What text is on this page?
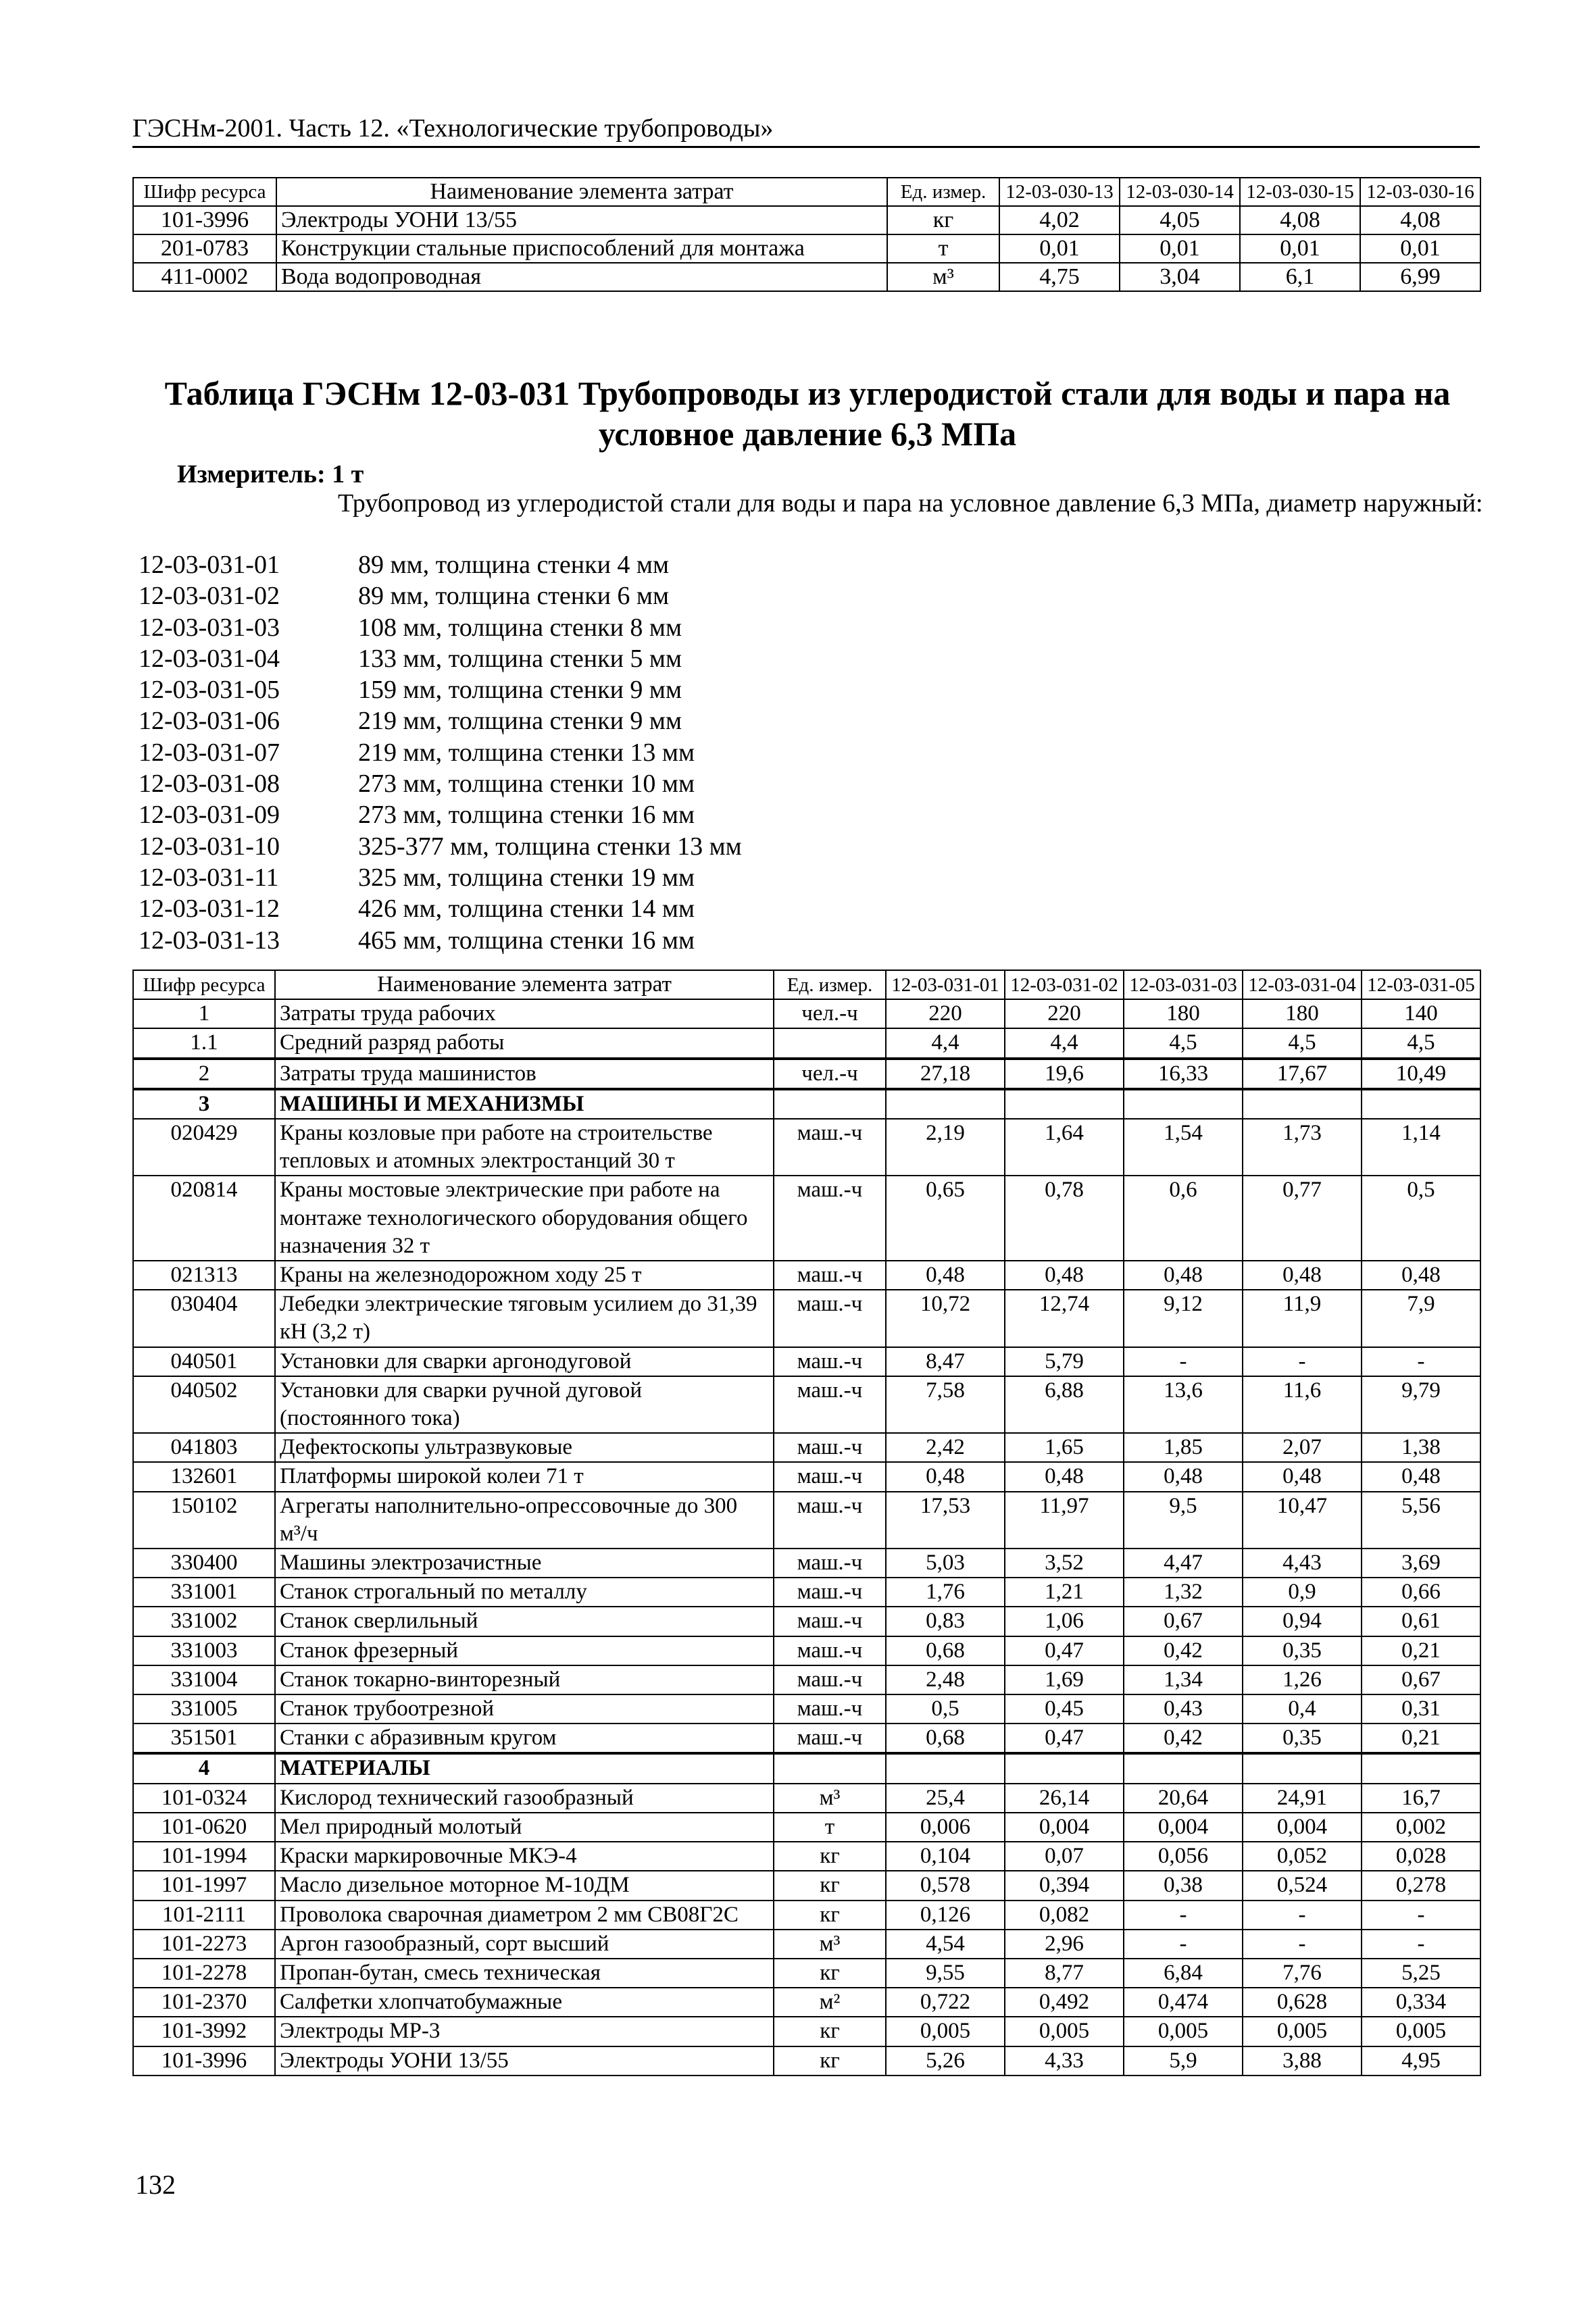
ГЭСНм-2001. Часть 12. «Технологические трубопроводы»
Шифр ресурса	Наименование элемента затрат	Ед. измер.	12-03-030-13	12-03-030-14	12-03-030-15	12-03-030-16
101-3996	Электроды УОНИ 13/55	кг	4,02	4,05	4,08	4,08
201-0783	Конструкции стальные приспособлений для монтажа	т	0,01	0,01	0,01	0,01
411-0002	Вода водопроводная	м³	4,75	3,04	6,1	6,99
Таблица ГЭСНм 12-03-031 Трубопроводы из углеродистой стали для воды и пара на условное давление 6,3 МПа
Измеритель: 1 т
Трубопровод из углеродистой стали для воды и пара на условное давление 6,3 МПа, диаметр наружный:
12-03-031-01	89 мм, толщина стенки 4 мм
12-03-031-02	89 мм, толщина стенки 6 мм
12-03-031-03	108 мм, толщина стенки 8 мм
12-03-031-04	133 мм, толщина стенки 5 мм
12-03-031-05	159 мм, толщина стенки 9 мм
12-03-031-06	219 мм, толщина стенки 9 мм
12-03-031-07	219 мм, толщина стенки 13 мм
12-03-031-08	273 мм, толщина стенки 10 мм
12-03-031-09	273 мм, толщина стенки 16 мм
12-03-031-10	325-377 мм, толщина стенки 13 мм
12-03-031-11	325 мм, толщина стенки 19 мм
12-03-031-12	426 мм, толщина стенки 14 мм
12-03-031-13	465 мм, толщина стенки 16 мм
Шифр ресурса	Наименование элемента затрат	Ед. измер.	12-03-031-01	12-03-031-02	12-03-031-03	12-03-031-04	12-03-031-05
1	Затраты труда рабочих	чел.-ч	220	220	180	180	140
1.1	Средний разряд работы		4,4	4,4	4,5	4,5	4,5
2	Затраты труда машинистов	чел.-ч	27,18	19,6	16,33	17,67	10,49
3	МАШИНЫ И МЕХАНИЗМЫ						
020429	Краны козловые при работе на строительстве тепловых и атомных электростанций 30 т	маш.-ч	2,19	1,64	1,54	1,73	1,14
020814	Краны мостовые электрические при работе на монтаже технологического оборудования общего назначения 32 т	маш.-ч	0,65	0,78	0,6	0,77	0,5
021313	Краны на железнодорожном ходу 25 т	маш.-ч	0,48	0,48	0,48	0,48	0,48
030404	Лебедки электрические тяговым усилием до 31,39 кН (3,2 т)	маш.-ч	10,72	12,74	9,12	11,9	7,9
040501	Установки для сварки аргонодуговой	маш.-ч	8,47	5,79	-	-	-
040502	Установки для сварки ручной дуговой (постоянного тока)	маш.-ч	7,58	6,88	13,6	11,6	9,79
041803	Дефектоскопы ультразвуковые	маш.-ч	2,42	1,65	1,85	2,07	1,38
132601	Платформы широкой колеи 71 т	маш.-ч	0,48	0,48	0,48	0,48	0,48
150102	Агрегаты наполнительно-опрессовочные до 300 м³/ч	маш.-ч	17,53	11,97	9,5	10,47	5,56
330400	Машины электрозачистные	маш.-ч	5,03	3,52	4,47	4,43	3,69
331001	Станок строгальный по металлу	маш.-ч	1,76	1,21	1,32	0,9	0,66
331002	Станок сверлильный	маш.-ч	0,83	1,06	0,67	0,94	0,61
331003	Станок фрезерный	маш.-ч	0,68	0,47	0,42	0,35	0,21
331004	Станок токарно-винторезный	маш.-ч	2,48	1,69	1,34	1,26	0,67
331005	Станок трубоотрезной	маш.-ч	0,5	0,45	0,43	0,4	0,31
351501	Станки с абразивным кругом	маш.-ч	0,68	0,47	0,42	0,35	0,21
4	МАТЕРИАЛЫ						
101-0324	Кислород технический газообразный	м³	25,4	26,14	20,64	24,91	16,7
101-0620	Мел природный молотый	т	0,006	0,004	0,004	0,004	0,002
101-1994	Краски маркировочные МКЭ-4	кг	0,104	0,07	0,056	0,052	0,028
101-1997	Масло дизельное моторное М-10ДМ	кг	0,578	0,394	0,38	0,524	0,278
101-2111	Проволока сварочная диаметром 2 мм СВ08Г2С	кг	0,126	0,082	-	-	-
101-2273	Аргон газообразный, сорт высший	м³	4,54	2,96	-	-	-
101-2278	Пропан-бутан, смесь техническая	кг	9,55	8,77	6,84	7,76	5,25
101-2370	Салфетки хлопчатобумажные	м²	0,722	0,492	0,474	0,628	0,334
101-3992	Электроды МР-3	кг	0,005	0,005	0,005	0,005	0,005
101-3996	Электроды УОНИ 13/55	кг	5,26	4,33	5,9	3,88	4,95
132
